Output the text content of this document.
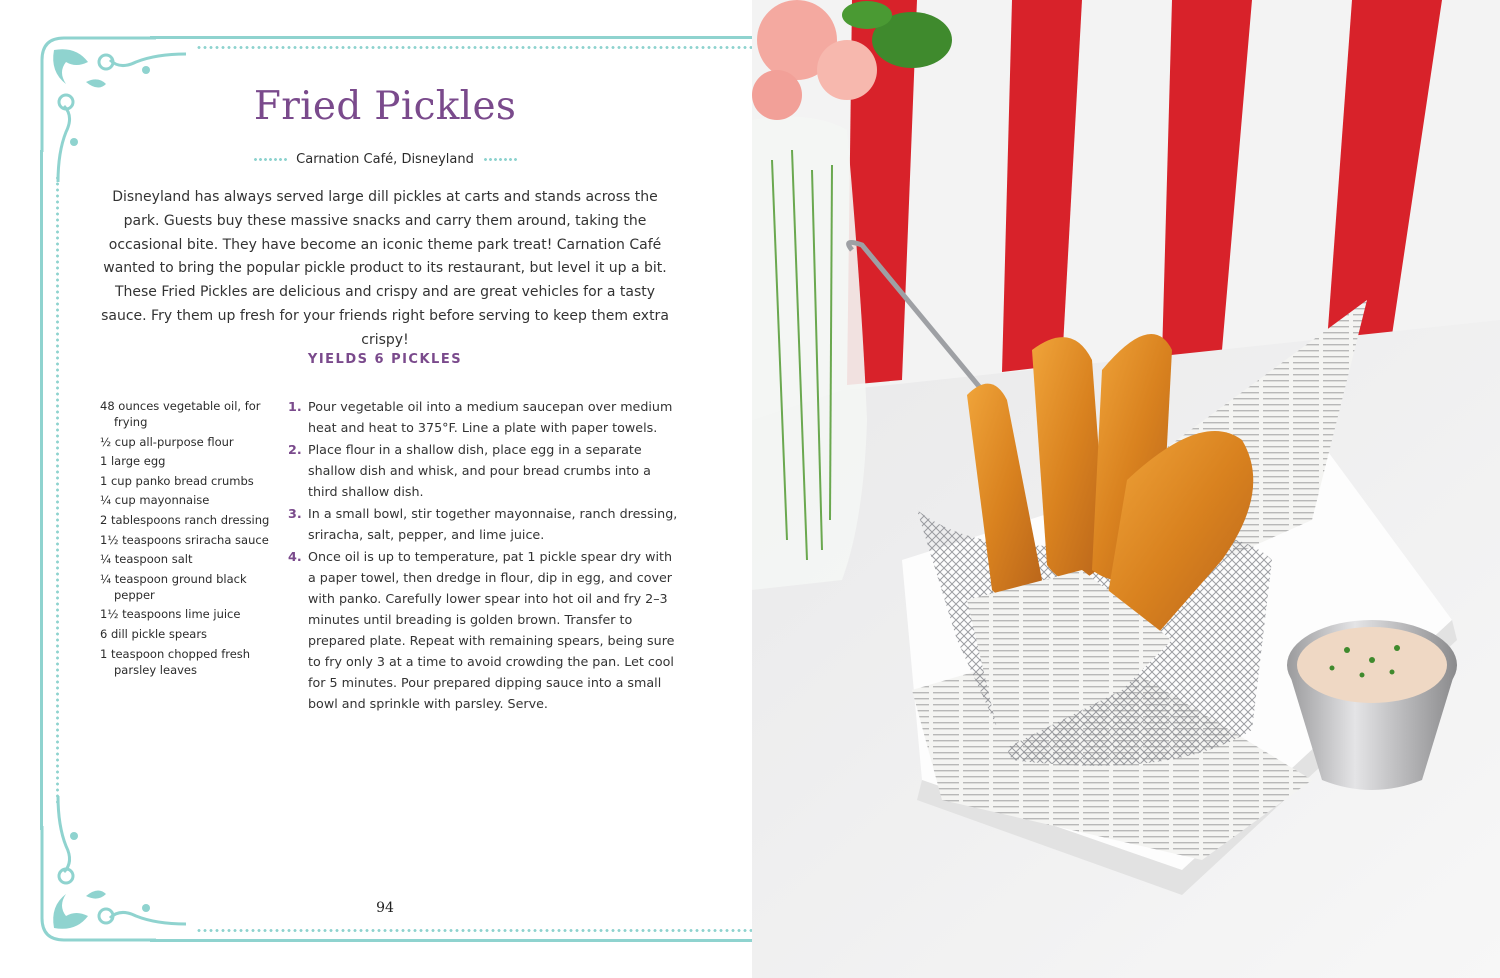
Fried Pickles
Carnation Café, Disneyland

Disneyland has always served large dill pickles at carts and stands across the park. Guests buy these massive snacks and carry them around, taking the occasional bite. They have become an iconic theme park treat! Carnation Café wanted to bring the popular pickle product to its restaurant, but level it up a bit. These Fried Pickles are delicious and crispy and are great vehicles for a tasty sauce. Fry them up fresh for your friends right before serving to keep them extra crispy!

YIELDS 6 PICKLES
48 ounces vegetable oil, for frying
½ cup all-purpose flour
1 large egg
1 cup panko bread crumbs
¼ cup mayonnaise
2 tablespoons ranch dressing
1½ teaspoons sriracha sauce
¼ teaspoon salt
¼ teaspoon ground black pepper
1½ teaspoons lime juice
6 dill pickle spears
1 teaspoon chopped fresh parsley leaves
1. Pour vegetable oil into a medium saucepan over medium heat and heat to 375°F. Line a plate with paper towels.
2. Place flour in a shallow dish, place egg in a separate shallow dish and whisk, and pour bread crumbs into a third shallow dish.
3. In a small bowl, stir together mayonnaise, ranch dressing, sriracha, salt, pepper, and lime juice.
4. Once oil is up to temperature, pat 1 pickle spear dry with a paper towel, then dredge in flour, dip in egg, and cover with panko. Carefully lower spear into hot oil and fry 2–3 minutes until breading is golden brown. Transfer to prepared plate. Repeat with remaining spears, being sure to fry only 3 at a time to avoid crowding the pan. Let cool for 5 minutes. Pour prepared dipping sauce into a small bowl and sprinkle with parsley. Serve.
94
